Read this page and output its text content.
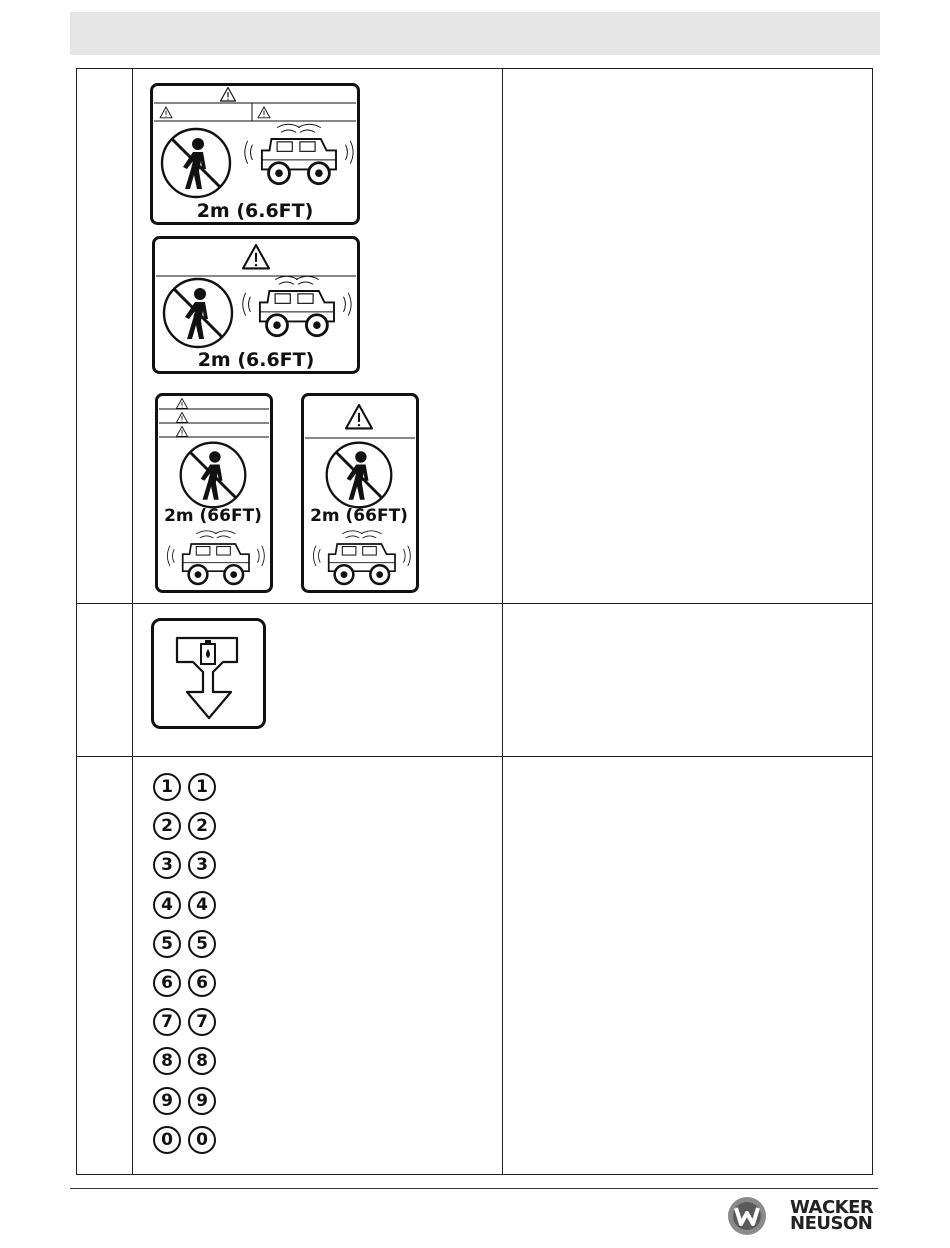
2m (6.6FT)
2m (6.6FT)
2m (66FT)	2m (66FT)
1	1
2	2
3	3
4	4
5	5
6	6
7	7
8	8
9	9
0	0
WACKER
NEUSON
